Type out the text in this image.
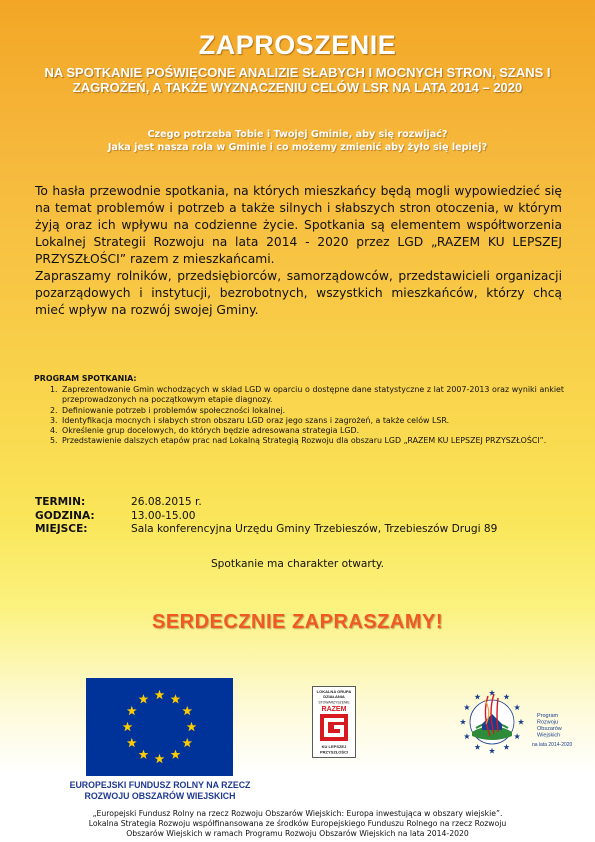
ZAPROSZENIE
NA SPOTKANIE POŚWIĘCONE ANALIZIE SŁABYCH I MOCNYCH STRON, SZANS I ZAGROŻEŃ, A TAKŻE WYZNACZENIU CELÓW LSR NA LATA 2014 – 2020
Czego potrzeba Tobie i Twojej Gminie, aby się rozwijać?
Jaka jest nasza rola w Gminie i co możemy zmienić aby żyło się lepiej?

To hasła przewodnie spotkania, na których mieszkańcy będą mogli wypowiedzieć się na temat problemów i potrzeb a także silnych i słabszych stron otoczenia, w którym żyją oraz ich wpływu na codzienne życie. Spotkania są elementem współtworzenia Lokalnej Strategii Rozwoju na lata 2014 - 2020 przez LGD „RAZEM KU LEPSZEJ PRZYSZŁOŚCI” razem z mieszkańcami.

Zapraszamy rolników, przedsiębiorców, samorządowców, przedstawicieli organizacji pozarządowych i instytucji, bezrobotnych, wszystkich mieszkańców, którzy chcą mieć wpływ na rozwój swojej Gminy.

PROGRAM SPOTKANIA:
1. Zaprezentowanie Gmin wchodzących w skład LGD w oparciu o dostępne dane statystyczne z lat 2007-2013 oraz wyniki ankiet przeprowadzonych na początkowym etapie diagnozy.
2. Definiowanie potrzeb i problemów społeczności lokalnej.
3. Identyfikacja mocnych i słabych stron obszaru LGD oraz jego szans i zagrożeń, a także celów LSR.
4. Określenie grup docelowych, do których będzie adresowana strategia LGD.
5. Przedstawienie dalszych etapów prac nad Lokalną Strategią Rozwoju dla obszaru LGD „RAZEM KU LEPSZEJ PRZYSZŁOŚCI”.
TERMIN:	26.08.2015 r.
GODZINA:	13.00-15.00
MIEJSCE:	Sala konferencyjna Urzędu Gminy Trzebieszów, Trzebieszów Drugi 89
Spotkanie ma charakter otwarty.
SERDECZNIE ZAPRASZAMY!
EUROPEJSKI FUNDUSZ ROLNY NA RZECZ
ROZWOJU OBSZARÓW WIEJSKICH
LOKALNA GRUPA
DZIAŁANIA
STOWARZYSZENIE
RAZEM
KU LEPSZEJ
PRZYSZŁOŚCI
Program
Rozwoju
Obszarów
Wiejskich
na lata 2014-2020
„Europejski Fundusz Rolny na rzecz Rozwoju Obszarów Wiejskich: Europa inwestująca w obszary wiejskie”.
Lokalna Strategia Rozwoju współfinansowana ze środków Europejskiego Funduszu Rolnego na rzecz Rozwoju
Obszarów Wiejskich w ramach Programu Rozwoju Obszarów Wiejskich na lata 2014-2020
